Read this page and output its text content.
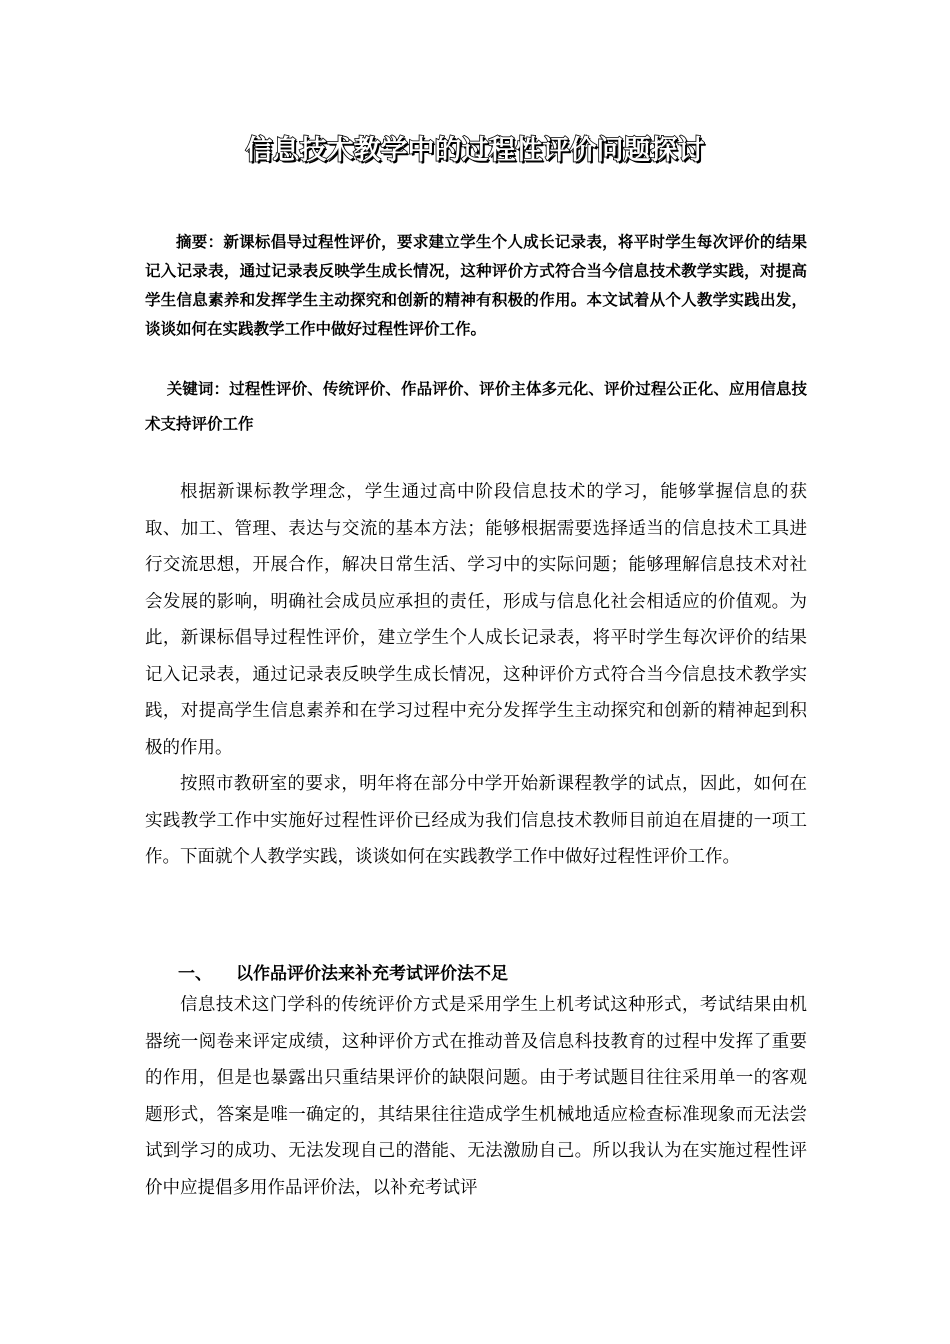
信息技术教学中的过程性评价问题探讨

摘要：新课标倡导过程性评价，要求建立学生个人成长记录表，将平时学生每次评价的结果记入记录表，通过记录表反映学生成长情况，这种评价方式符合当今信息技术教学实践，对提高学生信息素养和发挥学生主动探究和创新的精神有积极的作用。本文试着从个人教学实践出发，谈谈如何在实践教学工作中做好过程性评价工作。

关键词：过程性评价、传统评价、作品评价、评价主体多元化、评价过程公正化、应用信息技术支持评价工作

根据新课标教学理念，学生通过高中阶段信息技术的学习，能够掌握信息的获取、加工、管理、表达与交流的基本方法；能够根据需要选择适当的信息技术工具进行交流思想，开展合作，解决日常生活、学习中的实际问题；能够理解信息技术对社会发展的影响，明确社会成员应承担的责任，形成与信息化社会相适应的价值观。为此，新课标倡导过程性评价，建立学生个人成长记录表，将平时学生每次评价的结果记入记录表，通过记录表反映学生成长情况，这种评价方式符合当今信息技术教学实践，对提高学生信息素养和在学习过程中充分发挥学生主动探究和创新的精神起到积极的作用。

按照市教研室的要求，明年将在部分中学开始新课程教学的试点，因此，如何在实践教学工作中实施好过程性评价已经成为我们信息技术教师目前迫在眉捷的一项工作。下面就个人教学实践，谈谈如何在实践教学工作中做好过程性评价工作。

一、 以作品评价法来补充考试评价法不足

信息技术这门学科的传统评价方式是采用学生上机考试这种形式，考试结果由机器统一阅卷来评定成绩，这种评价方式在推动普及信息科技教育的过程中发挥了重要的作用，但是也暴露出只重结果评价的缺限问题。由于考试题目往往采用单一的客观题形式，答案是唯一确定的，其结果往往造成学生机械地适应检查标准现象而无法尝试到学习的成功、无法发现自己的潜能、无法激励自己。所以我认为在实施过程性评价中应提倡多用作品评价法，以补充考试评
